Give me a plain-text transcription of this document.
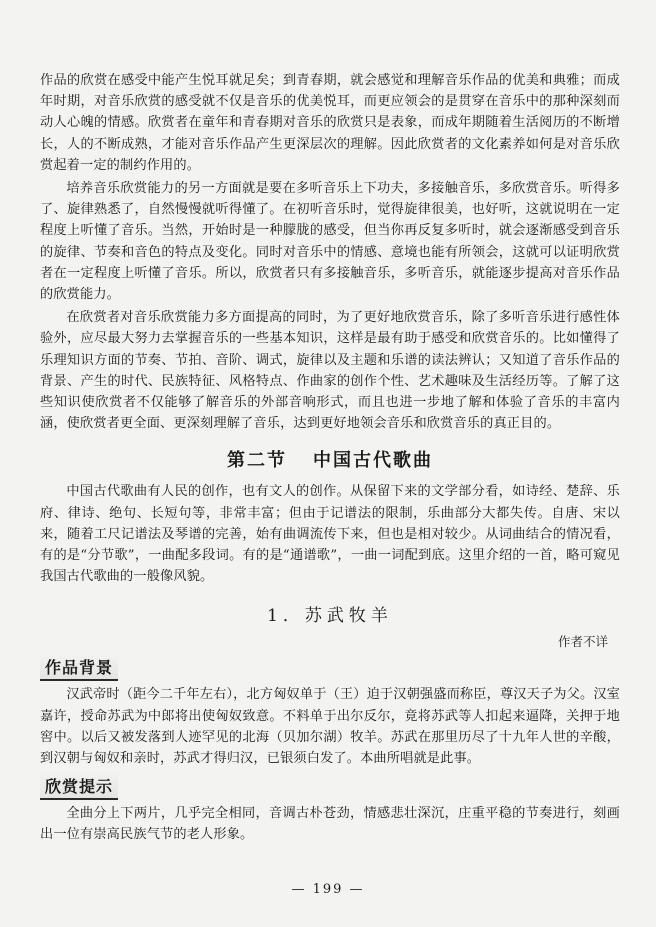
作品的欣赏在感受中能产生悦耳就足矣；到青春期，就会感觉和理解音乐作品的优美和典雅；而成年时期，对音乐欣赏的感受就不仅是音乐的优美悦耳，而更应领会的是贯穿在音乐中的那种深刻而动人心魄的情感。欣赏者在童年和青春期对音乐的欣赏只是表象，而成年期随着生活阅历的不断增长，人的不断成熟，才能对音乐作品产生更深层次的理解。因此欣赏者的文化素养如何是对音乐欣赏起着一定的制约作用的。

培养音乐欣赏能力的另一方面就是要在多听音乐上下功夫，多接触音乐，多欣赏音乐。听得多了、旋律熟悉了，自然慢慢就听得懂了。在初听音乐时，觉得旋律很美，也好听，这就说明在一定程度上听懂了音乐。当然，开始时是一种朦胧的感受，但当你再反复多听时，就会逐渐感受到音乐的旋律、节奏和音色的特点及变化。同时对音乐中的情感、意境也能有所领会，这就可以证明欣赏者在一定程度上听懂了音乐。所以，欣赏者只有多接触音乐，多听音乐，就能逐步提高对音乐作品的欣赏能力。

在欣赏者对音乐欣赏能力多方面提高的同时，为了更好地欣赏音乐，除了多听音乐进行感性体验外，应尽最大努力去掌握音乐的一些基本知识，这样是最有助于感受和欣赏音乐的。比如懂得了乐理知识方面的节奏、节拍、音阶、调式，旋律以及主题和乐谱的读法辨认；又知道了音乐作品的背景、产生的时代、民族特征、风格特点、作曲家的创作个性、艺术趣味及生活经历等。了解了这些知识使欣赏者不仅能够了解音乐的外部音响形式，而且也进一步地了解和体验了音乐的丰富内涵，使欣赏者更全面、更深刻理解了音乐，达到更好地领会音乐和欣赏音乐的真正目的。

第二节 中国古代歌曲

中国古代歌曲有人民的创作，也有文人的创作。从保留下来的文学部分看，如诗经、楚辞、乐府、律诗、绝句、长短句等，非常丰富；但由于记谱法的限制，乐曲部分大都失传。自唐、宋以来，随着工尺记谱法及琴谱的完善，始有曲调流传下来，但也是相对较少。从词曲结合的情况看，有的是“分节歌”，一曲配多段词。有的是“通谱歌”，一曲一词配到底。这里介绍的一首，略可窥见我国古代歌曲的一般像风貌。

1．苏武牧羊
作者不详
作品背景

汉武帝时（距今二千年左右），北方匈奴单于（王）迫于汉朝强盛而称臣，尊汉天子为父。汉室嘉许，授命苏武为中郎将出使匈奴致意。不料单于出尔反尔，竟将苏武等人扣起来逼降，关押于地窖中。以后又被发落到人迹罕见的北海（贝加尔湖）牧羊。苏武在那里历尽了十九年人世的辛酸，到汉朝与匈奴和亲时，苏武才得归汉，已银须白发了。本曲所唱就是此事。

欣赏提示

全曲分上下两片，几乎完全相同，音调古朴苍劲，情感悲壮深沉，庄重平稳的节奏进行，刻画出一位有崇高民族气节的老人形象。

— 199 —
